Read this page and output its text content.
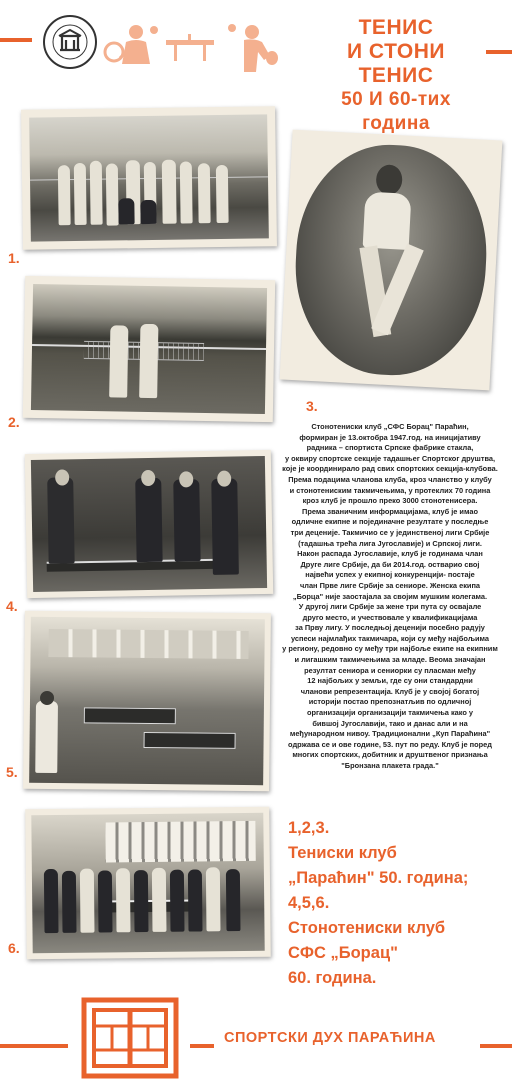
ТЕНИС
И СТОНИ ТЕНИС
50 И 60-тих година
1.
3.
2.	Стонотениски клуб „СФС Борац" Параћин,
формиран је 13.октобра 1947.год. на иницијативу
радника – спортиста Српске фабрике стакла,
у оквиру спортске секције тадашњег Спортског друштва,
које је координирало рад свих спортских секција-клубова.
Према подацима чланова клуба, кроз чланство у клубу
и стонотениским такмичењима, у протеклих 70 година
кроз клуб је прошло преко 3000 стонотенисера.
Према званичним информацијама, клуб је имао
одличне екипне и појединачне резултате у последње
три деценије. Такмичио се у јединственој лиги Србије
(тадашња трећа лига Југославије) и Српској лиги.
Након распада Југославије, клуб је годинама члан
Друге лиге Србије, да би 2014.год. остварио свој
највећи успех у екипној конкуренцији- постаје
члан Прве лиге Србије за сениоре. Женска екипа
„Борца" није заостајала за својим мушким колегама.
У другој лиги Србије за жене три пута су освајале
друго место, и учествовале у квалификацијама
за Прву лигу. У последњој деценији посебно радују
успеси најмлађих такмичара, који су међу најбољима
у региону, редовно су међу три најбоље екипе на екипним
и лигашким такмичењима за младе. Веома значајан
резултат сениора и сениорки су пласман међу
12 најбољих у земљи, где су они стандардни
чланови репрезентација. Клуб је у својој богатој
историји постао препознатљив по одличној
организацији организацији такмичења како у
бившој Југославији, тако и данас али и на
међународном нивоу. Традиционални „Куп Параћина"
одржава се и ове године, 53. пут по реду. Клуб је поред
многих спортских, добитник и друштвеног признања
"Бронзана плакета града."
4.
5.
6.
1,2,3.
Тениски клуб
„Параћин" 50. година;
4,5,6.
Стонотениски клуб
СФС „Борац"
60. година.
СПОРТСКИ ДУХ ПАРАЋИНА
